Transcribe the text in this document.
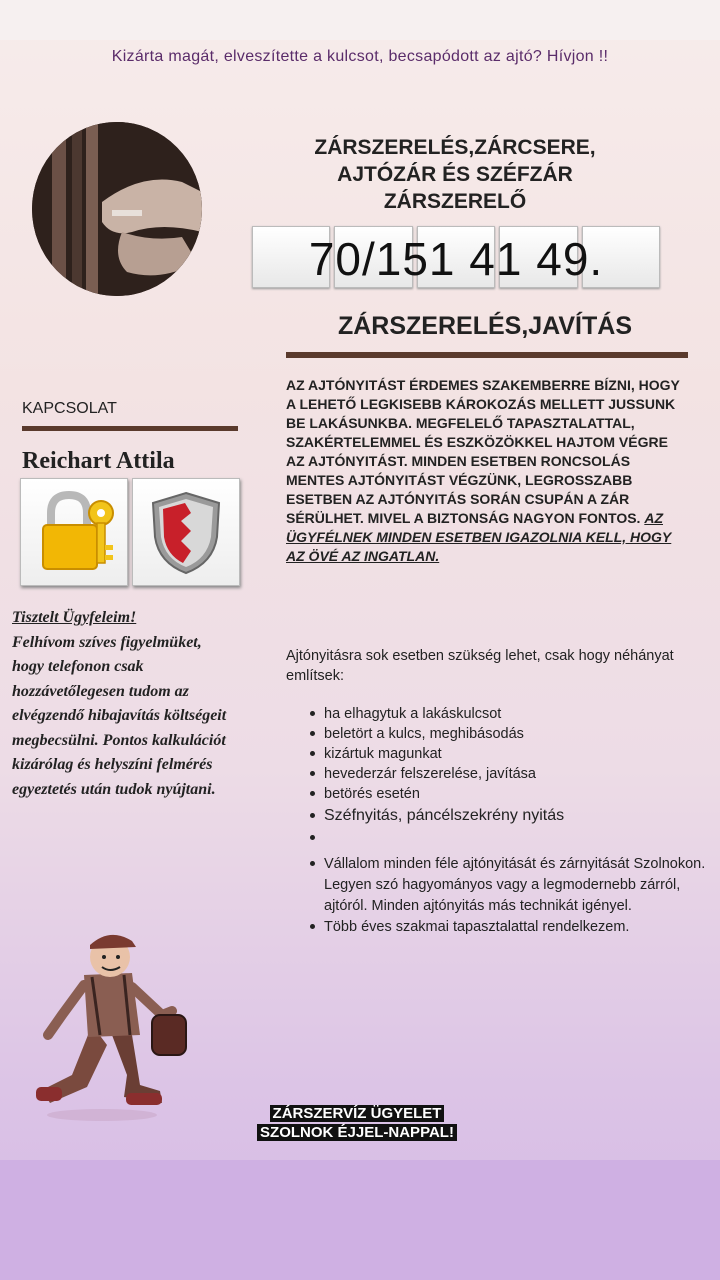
Kizárta magát, elveszítette a kulcsot, becsapódott az ajtó? Hívjon !!
ZÁRSZERELÉS,ZÁRCSERE,
AJTÓZÁR ÉS SZÉFZÁR
ZÁRSZERELŐ
70/151 41 49.
ZÁRSZERELÉS,JAVÍTÁS
KAPCSOLAT
Reichart Attila
Tisztelt Ügyfeleim!
Felhívom szíves figyelmüket, hogy telefonon csak hozzávetőlegesen tudom az elvégzendő hibajavítás költségeit megbecsülni. Pontos kalkulációt kizárólag és helyszíni felmérés egyeztetés után tudok nyújtani.
AZ AJTÓNYITÁST ÉRDEMES SZAKEMBERRE BÍZNI, HOGY A LEHETŐ LEGKISEBB KÁROKOZÁS MELLETT JUSSUNK BE LAKÁSUNKBA. MEGFELELŐ TAPASZTALATTAL, SZAKÉRTELEMMEL ÉS ESZKÖZÖKKEL HAJTOM VÉGRE AZ AJTÓNYITÁST. MINDEN ESETBEN RONCSOLÁS MENTES AJTÓNYITÁST VÉGZÜNK, LEGROSSZABB ESETBEN AZ AJTÓNYITÁS SORÁN CSUPÁN A ZÁR SÉRÜLHET. MIVEL A BIZTONSÁG NAGYON FONTOS. AZ ÜGYFÉLNEK MINDEN ESETBEN IGAZOLNIA KELL, HOGY AZ ÖVÉ AZ INGATLAN.
Ajtónyitásra sok esetben szükség lehet, csak hogy néhányat említsek:
ha elhagytuk a lakáskulcsot
beletört a kulcs, meghibásodás
kizártuk magunkat
hevederzár felszerelése, javítása
betörés esetén
Széfnyitás, páncélszekrény nyitás
Vállalom minden féle ajtónyitását és zárnyitását Szolnokon. Legyen szó hagyományos vagy a legmodernebb zárról, ajtóról. Minden ajtónyitás más technikát igényel.
Több éves szakmai tapasztalattal rendelkezem.
ZÁRSZERVÍZ ÜGYELET
SZOLNOK ÉJJEL-NAPPAL!
